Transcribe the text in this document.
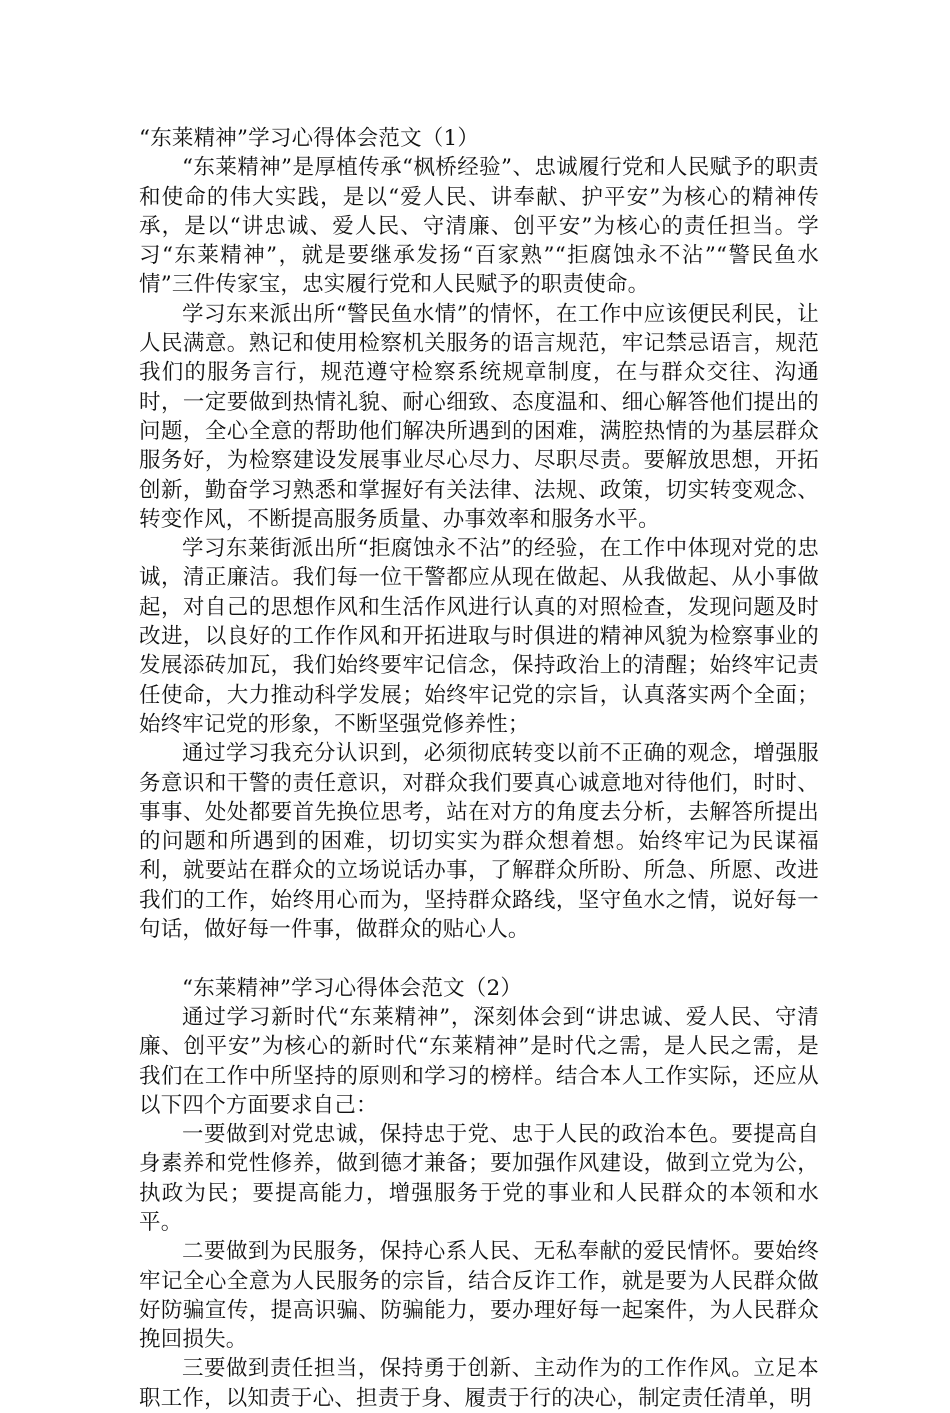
“东莱精神”学习心得体会范文（1）

“东莱精神”是厚植传承“枫桥经验”、忠诚履行党和人民赋予的职责和使命的伟大实践，是以“爱人民、讲奉献、护平安”为核心的精神传承，是以“讲忠诚、爱人民、守清廉、创平安”为核心的责任担当。学习“东莱精神”，就是要继承发扬“百家熟”“拒腐蚀永不沾”“警民鱼水情”三件传家宝，忠实履行党和人民赋予的职责使命。

学习东来派出所“警民鱼水情”的情怀，在工作中应该便民利民，让人民满意。熟记和使用检察机关服务的语言规范，牢记禁忌语言，规范我们的服务言行，规范遵守检察系统规章制度，在与群众交往、沟通时，一定要做到热情礼貌、耐心细致、态度温和、细心解答他们提出的问题，全心全意的帮助他们解决所遇到的困难，满腔热情的为基层群众服务好，为检察建设发展事业尽心尽力、尽职尽责。要解放思想，开拓创新，勤奋学习熟悉和掌握好有关法律、法规、政策，切实转变观念、转变作风，不断提高服务质量、办事效率和服务水平。

学习东莱街派出所“拒腐蚀永不沾”的经验，在工作中体现对党的忠诚，清正廉洁。我们每一位干警都应从现在做起、从我做起、从小事做起，对自己的思想作风和生活作风进行认真的对照检查，发现问题及时改进，以良好的工作作风和开拓进取与时俱进的精神风貌为检察事业的发展添砖加瓦，我们始终要牢记信念，保持政治上的清醒；始终牢记责任使命，大力推动科学发展；始终牢记党的宗旨，认真落实两个全面；始终牢记党的形象，不断坚强党修养性；

通过学习我充分认识到，必须彻底转变以前不正确的观念，增强服务意识和干警的责任意识，对群众我们要真心诚意地对待他们，时时、事事、处处都要首先换位思考，站在对方的角度去分析，去解答所提出的问题和所遇到的困难，切切实实为群众想着想。始终牢记为民谋福利，就要站在群众的立场说话办事，了解群众所盼、所急、所愿、改进我们的工作，始终用心而为，坚持群众路线，坚守鱼水之情，说好每一句话，做好每一件事，做群众的贴心人。

“东莱精神”学习心得体会范文（2）

通过学习新时代“东莱精神”，深刻体会到“讲忠诚、爱人民、守清廉、创平安”为核心的新时代“东莱精神”是时代之需，是人民之需，是我们在工作中所坚持的原则和学习的榜样。结合本人工作实际，还应从以下四个方面要求自己：

一要做到对党忠诚，保持忠于党、忠于人民的政治本色。要提高自身素养和党性修养，做到德才兼备；要加强作风建设，做到立党为公，执政为民；要提高能力，增强服务于党的事业和人民群众的本领和水平。

二要做到为民服务，保持心系人民、无私奉献的爱民情怀。要始终牢记全心全意为人民服务的宗旨，结合反诈工作，就是要为人民群众做好防骗宣传，提高识骗、防骗能力，要办理好每一起案件，为人民群众挽回损失。

三要做到责任担当，保持勇于创新、主动作为的工作作风。立足本职工作，以知责于心、担责于身、履责于行的决心，制定责任清单，明
